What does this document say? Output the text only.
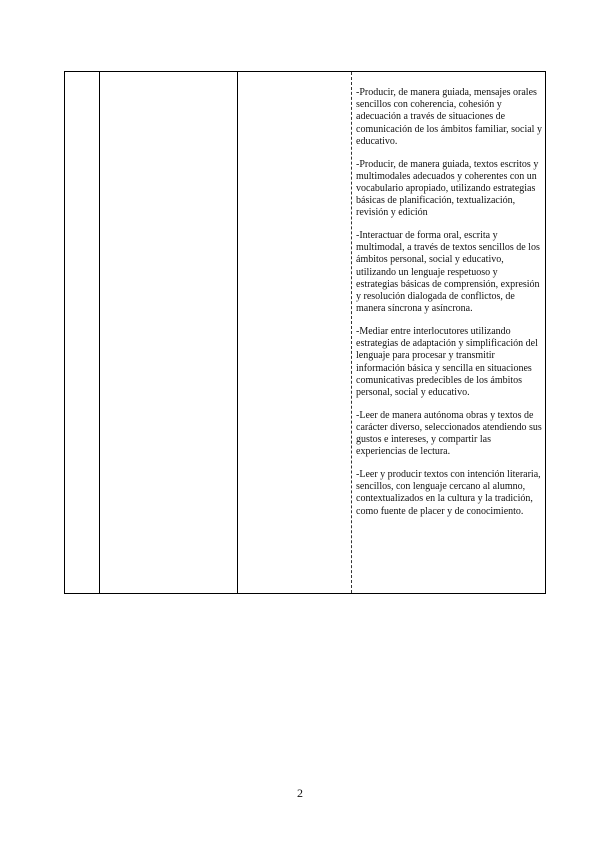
-Producir, de manera guiada, mensajes orales sencillos con coherencia, cohesión y adecuación a través de situaciones de comunicación de los ámbitos familiar, social y educativo.

-Producir, de manera guiada, textos escritos y multimodales adecuados y coherentes con un vocabulario apropiado, utilizando estrategias básicas de planificación, textualización, revisión y edición

-Interactuar de forma oral, escrita y multimodal, a través de textos sencillos de los ámbitos personal, social y educativo, utilizando un lenguaje respetuoso y estrategias básicas de comprensión, expresión y resolución dialogada de conflictos, de manera síncrona y asíncrona.

-Mediar entre interlocutores utilizando estrategias de adaptación y simplificación del lenguaje para procesar y transmitir información básica y sencilla en situaciones comunicativas predecibles de los ámbitos personal, social y educativo.

-Leer de manera autónoma obras y textos de carácter diverso, seleccionados atendiendo sus gustos e intereses, y compartir las experiencias de lectura.

-Leer y producir textos con intención literaria, sencillos, con lenguaje cercano al alumno, contextualizados en la cultura y la tradición, como fuente de placer y de conocimiento.

2
